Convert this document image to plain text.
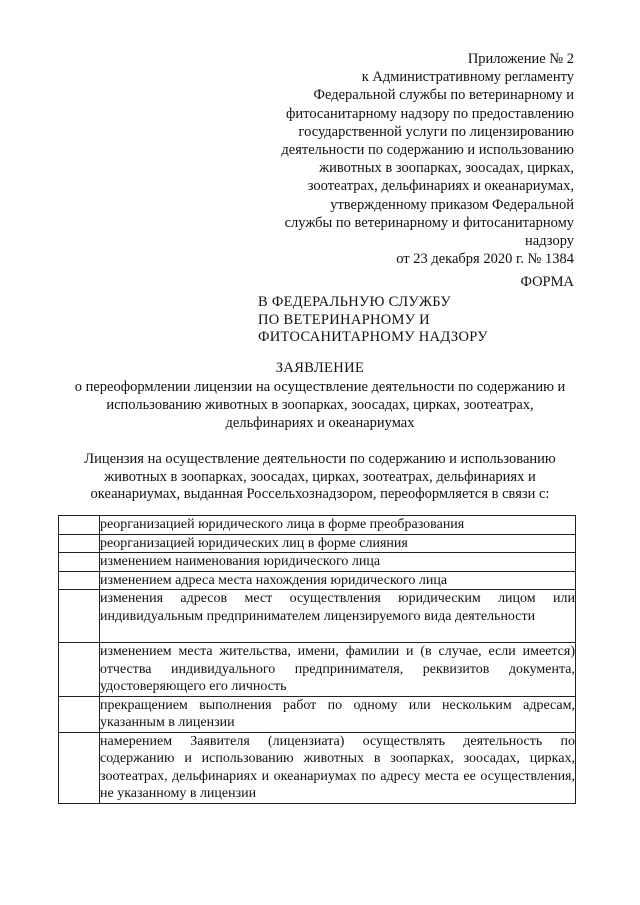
Приложение № 2
к Административному регламенту
Федеральной службы по ветеринарному и
фитосанитарному надзору по предоставлению
государственной услуги по лицензированию
деятельности по содержанию и использованию
животных в зоопарках, зоосадах, цирках,
зоотеатрах, дельфинариях и океанариумах,
утвержденному приказом Федеральной
службы по ветеринарному и фитосанитарному
надзору
от 23 декабря 2020 г. № 1384
ФОРМА
В ФЕДЕРАЛЬНУЮ СЛУЖБУ
ПО ВЕТЕРИНАРНОМУ И
ФИТОСАНИТАРНОМУ НАДЗОРУ
ЗАЯВЛЕНИЕ
о переоформлении лицензии на осуществление деятельности по содержанию и
использованию животных в зоопарках, зоосадах, цирках, зоотеатрах,
дельфинариях и океанариумах
Лицензия на осуществление деятельности по содержанию и использованию
животных в зоопарках, зоосадах, цирках, зоотеатрах, дельфинариях и
океанариумах, выданная Россельхознадзором, переоформляется в связи с:
	реорганизацией юридического лица в форме преобразования
	реорганизацией юридических лиц в форме слияния
	изменением наименования юридического лица
	изменением адреса места нахождения юридического лица
	изменения адресов мест осуществления юридическим лицом или индивидуальным предпринимателем лицензируемого вида деятельности
	изменением места жительства, имени, фамилии и (в случае, если имеется) отчества индивидуального предпринимателя, реквизитов документа, удостоверяющего его личность
	прекращением выполнения работ по одному или нескольким адресам, указанным в лицензии
	намерением Заявителя (лицензиата) осуществлять деятельность по содержанию и использованию животных в зоопарках, зоосадах, цирках, зоотеатрах, дельфинариях и океанариумах по адресу места ее осуществления, не указанному в лицензии
